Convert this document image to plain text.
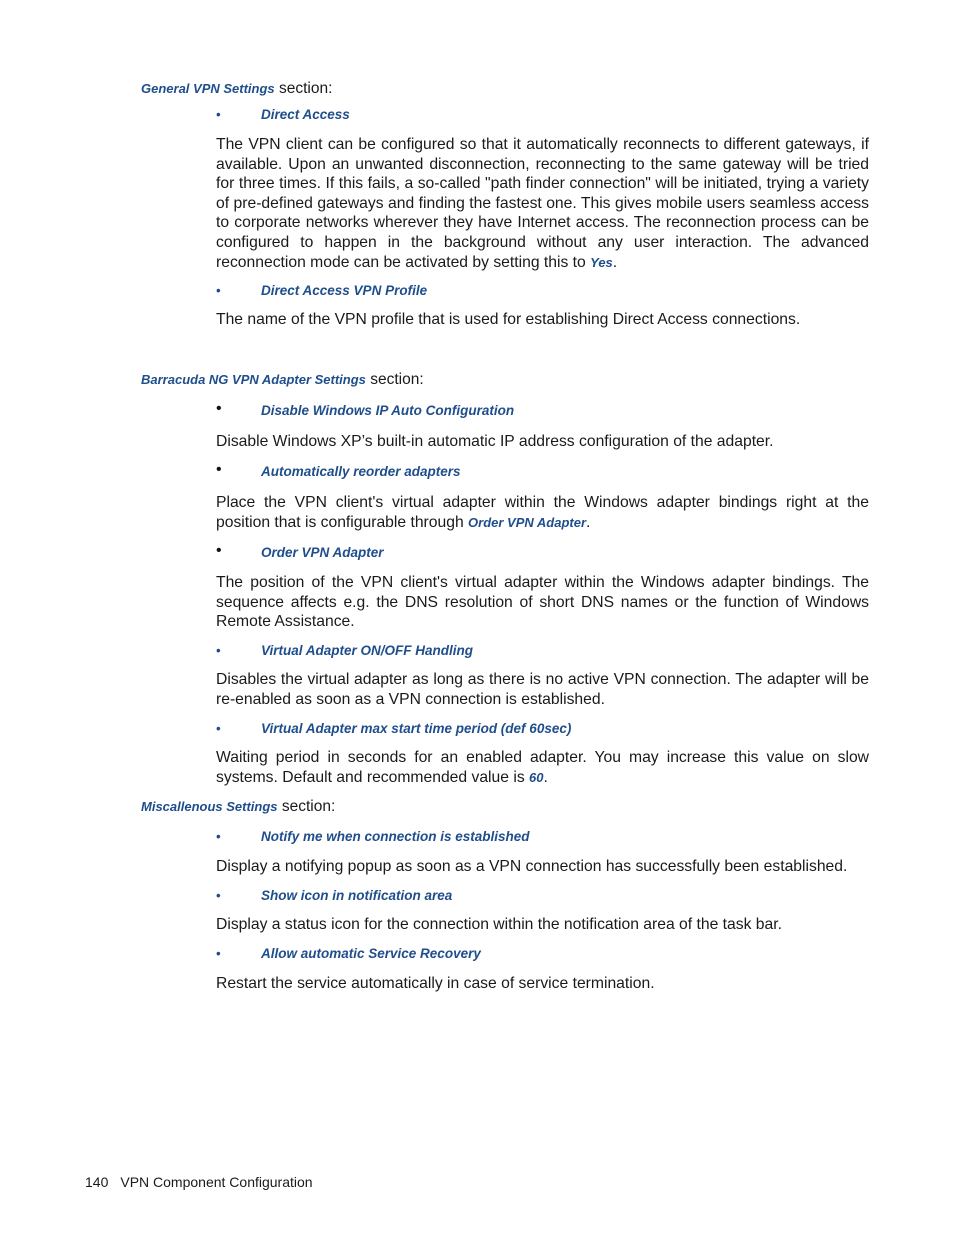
General VPN Settings section:
•	Direct Access

The VPN client can be configured so that it automatically reconnects to different gateways, if available. Upon an unwanted disconnection, reconnecting to the same gateway will be tried for three times. If this fails, a so-called "path finder connection" will be initiated, trying a variety of pre-defined gateways and finding the fastest one. This gives mobile users seamless access to corporate networks wherever they have Internet access. The reconnection process can be configured to happen in the background without any user interaction. The advanced reconnection mode can be activated by setting this to Yes.

•	Direct Access VPN Profile

The name of the VPN profile that is used for establishing Direct Access connections.

Barracuda NG VPN Adapter Settings section:
•	Disable Windows IP Auto Configuration

Disable Windows XP’s built-in automatic IP address configuration of the adapter.

•	Automatically reorder adapters

Place the VPN client's virtual adapter within the Windows adapter bindings right at the position that is configurable through Order VPN Adapter.

•	Order VPN Adapter

The position of the VPN client's virtual adapter within the Windows adapter bindings. The sequence affects e.g. the DNS resolution of short DNS names or the function of Windows Remote Assistance.

•	Virtual Adapter ON/OFF Handling

Disables the virtual adapter as long as there is no active VPN connection. The adapter will be re-enabled as soon as a VPN connection is established.

•	Virtual Adapter max start time period (def 60sec)

Waiting period in seconds for an enabled adapter. You may increase this value on slow systems. Default and recommended value is 60.

Miscallenous Settings section:
•	Notify me when connection is established

Display a notifying popup as soon as a VPN connection has successfully been established.

•	Show icon in notification area

Display a status icon for the connection within the notification area of the task bar.

•	Allow automatic Service Recovery

Restart the service automatically in case of service termination.

140 VPN Component Configuration
